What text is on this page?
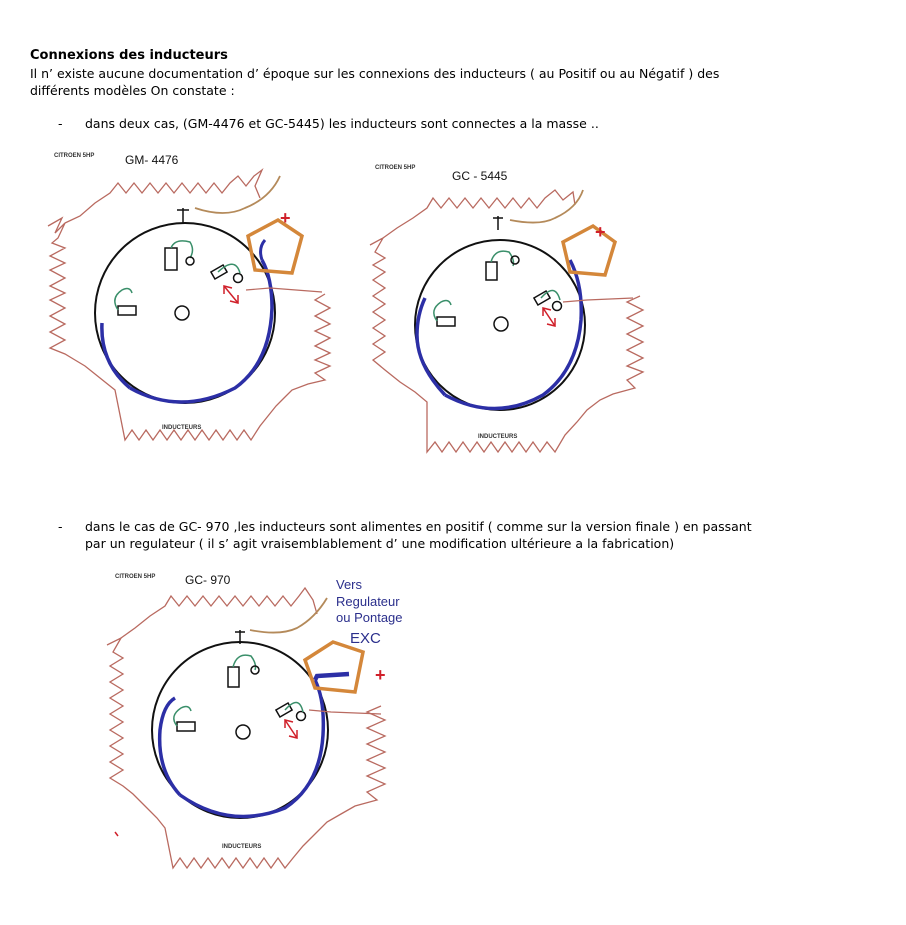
Connexions des inducteurs
Il n’ existe aucune documentation d’ époque sur les connexions des inducteurs ( au Positif ou au Négatif ) des
différents modèles On constate :
- dans deux cas, (GM-4476 et GC-5445) les inducteurs sont connectes a la masse ..
CITROEN 5HP	GM- 4476
+
INDUCTEURS
CITROEN 5HP
GC - 5445
+
INDUCTEURS
- dans le cas de GC- 970 ,les inducteurs sont alimentes en positif ( comme sur la version finale ) en passant
par un regulateur ( il s’ agit vraisemblablement d’ une modification ultérieure a la fabrication)
CITROEN 5HP GC- 970	Vers
Regulateur
ou Pontage
EXC
+
INDUCTEURS
